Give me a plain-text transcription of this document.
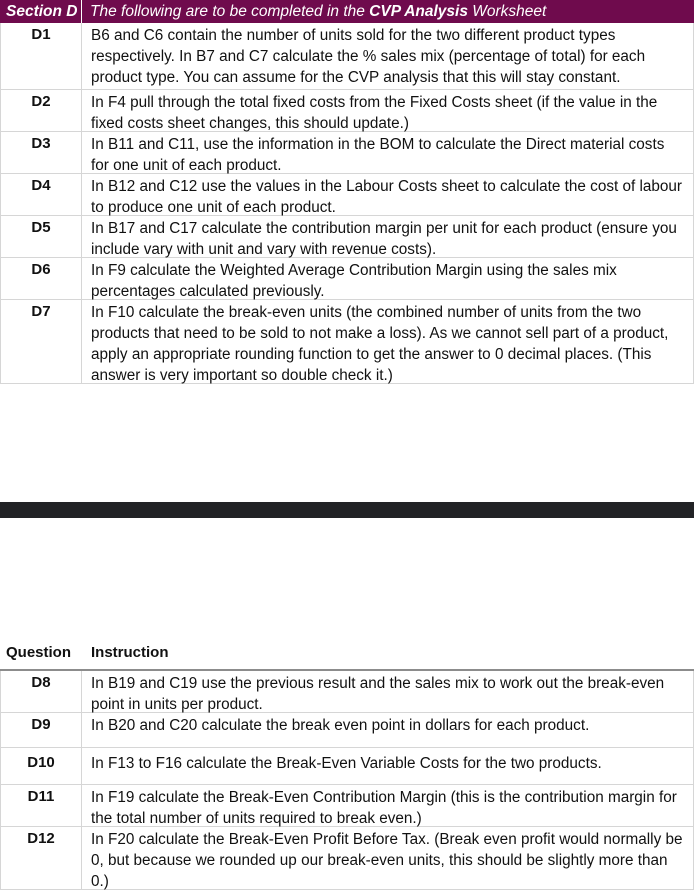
Section D The following are to be completed in the CVP Analysis Worksheet
D1	B6 and C6 contain the number of units sold for the two different product types respectively. In B7 and C7 calculate the % sales mix (percentage of total) for each product type. You can assume for the CVP analysis that this will stay constant.
D2	In F4 pull through the total fixed costs from the Fixed Costs sheet (if the value in the fixed costs sheet changes, this should update.)
D3	In B11 and C11, use the information in the BOM to calculate the Direct material costs for one unit of each product.
D4	In B12 and C12 use the values in the Labour Costs sheet to calculate the cost of labour to produce one unit of each product.
D5	In B17 and C17 calculate the contribution margin per unit for each product (ensure you include vary with unit and vary with revenue costs).
D6	In F9 calculate the Weighted Average Contribution Margin using the sales mix percentages calculated previously.
D7	In F10 calculate the break-even units (the combined number of units from the two products that need to be sold to not make a loss). As we cannot sell part of a product, apply an appropriate rounding function to get the answer to 0 decimal places. (This answer is very important so double check it.)
Question	Instruction
D8	In B19 and C19 use the previous result and the sales mix to work out the break-even point in units per product.
D9	In B20 and C20 calculate the break even point in dollars for each product.
D10	In F13 to F16 calculate the Break-Even Variable Costs for the two products.
D11	In F19 calculate the Break-Even Contribution Margin (this is the contribution margin for the total number of units required to break even.)
D12	In F20 calculate the Break-Even Profit Before Tax. (Break even profit would normally be 0, but because we rounded up our break-even units, this should be slightly more than 0.)
